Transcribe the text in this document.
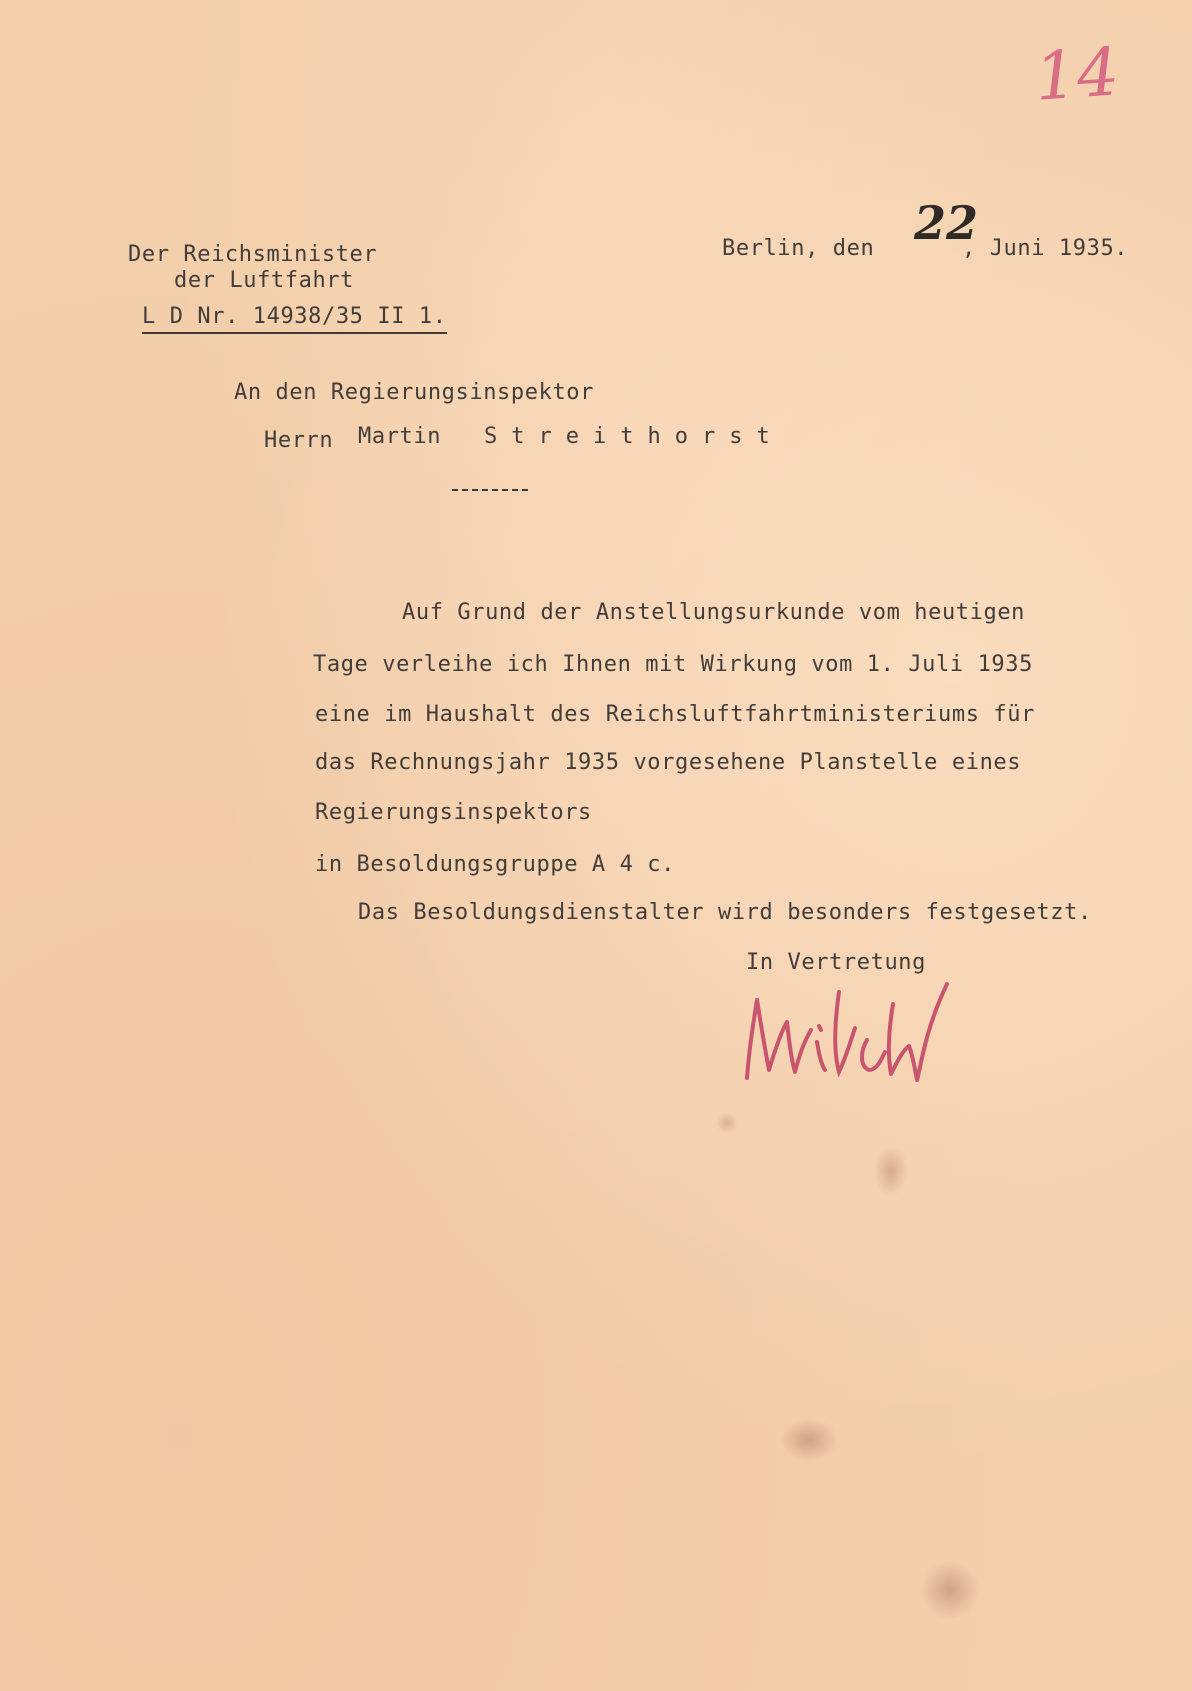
14
Der Reichsminister
der Luftfahrt
L D Nr. 14938/35 II 1.
Berlin, den 22
, Juni 1935.
An den Regierungsinspektor
Herrn Martin Streithorst
Auf Grund der Anstellungsurkunde vom heutigen
Tage verleihe ich Ihnen mit Wirkung vom 1. Juli 1935
eine im Haushalt des Reichsluftfahrtministeriums für
das Rechnungsjahr 1935 vorgesehene Planstelle eines
Regierungsinspektors
in Besoldungsgruppe A 4 c.
Das Besoldungsdienstalter wird besonders festgesetzt.
In Vertretung
